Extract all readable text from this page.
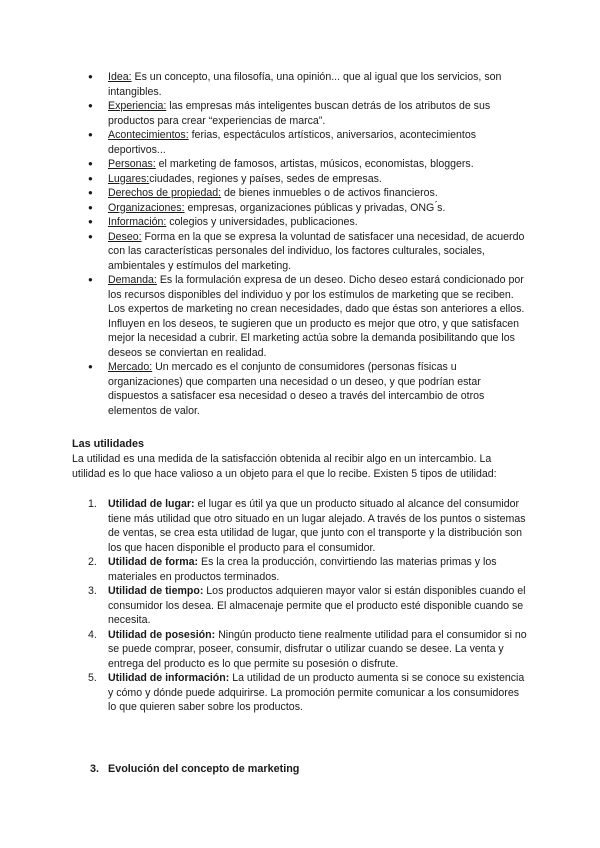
● Idea: Es un concepto, una filosofía, una opinión... que al igual que los servicios, son intangibles.
● Experiencia: las empresas más inteligentes buscan detrás de los atributos de sus productos para crear “experiencias de marca”.
● Acontecimientos: ferias, espectáculos artísticos, aniversarios, acontecimientos deportivos...
● Personas: el marketing de famosos, artistas, músicos, economistas, bloggers.
● Lugares:ciudades, regiones y países, sedes de empresas.
● Derechos de propiedad: de bienes inmuebles o de activos financieros.
● Organizaciones: empresas, organizaciones públicas y privadas, ONG ́s.
● Información: colegios y universidades, publicaciones.
● Deseo: Forma en la que se expresa la voluntad de satisfacer una necesidad, de acuerdo con las características personales del individuo, los factores culturales, sociales, ambientales y estímulos del marketing.
● Demanda: Es la formulación expresa de un deseo. Dicho deseo estará condicionado por los recursos disponibles del individuo y por los estímulos de marketing que se reciben. Los expertos de marketing no crean necesidades, dado que éstas son anteriores a ellos. Influyen en los deseos, te sugieren que un producto es mejor que otro, y que satisfacen mejor la necesidad a cubrir. El marketing actúa sobre la demanda posibilitando que los deseos se conviertan en realidad.
● Mercado: Un mercado es el conjunto de consumidores (personas físicas u organizaciones) que comparten una necesidad o un deseo, y que podrían estar dispuestos a satisfacer esa necesidad o deseo a través del intercambio de otros elementos de valor.

Las utilidades

La utilidad es una medida de la satisfacción obtenida al recibir algo en un intercambio. La utilidad es lo que hace valioso a un objeto para el que lo recibe. Existen 5 tipos de utilidad:

1. Utilidad de lugar: el lugar es útil ya que un producto situado al alcance del consumidor tiene más utilidad que otro situado en un lugar alejado. A través de los puntos o sistemas de ventas, se crea esta utilidad de lugar, que junto con el transporte y la distribución son los que hacen disponible el producto para el consumidor.
2. Utilidad de forma: Es la crea la producción, convirtiendo las materias primas y los materiales en productos terminados.
3. Utilidad de tiempo: Los productos adquieren mayor valor si están disponibles cuando el consumidor los desea. El almacenaje permite que el producto esté disponible cuando se necesita.
4. Utilidad de posesión: Ningún producto tiene realmente utilidad para el consumidor si no se puede comprar, poseer, consumir, disfrutar o utilizar cuando se desee. La venta y entrega del producto es lo que permite su posesión o disfrute.
5. Utilidad de información: La utilidad de un producto aumenta si se conoce su existencia y cómo y dónde puede adquirirse. La promoción permite comunicar a los consumidores lo que quieren saber sobre los productos.

3. Evolución del concepto de marketing
